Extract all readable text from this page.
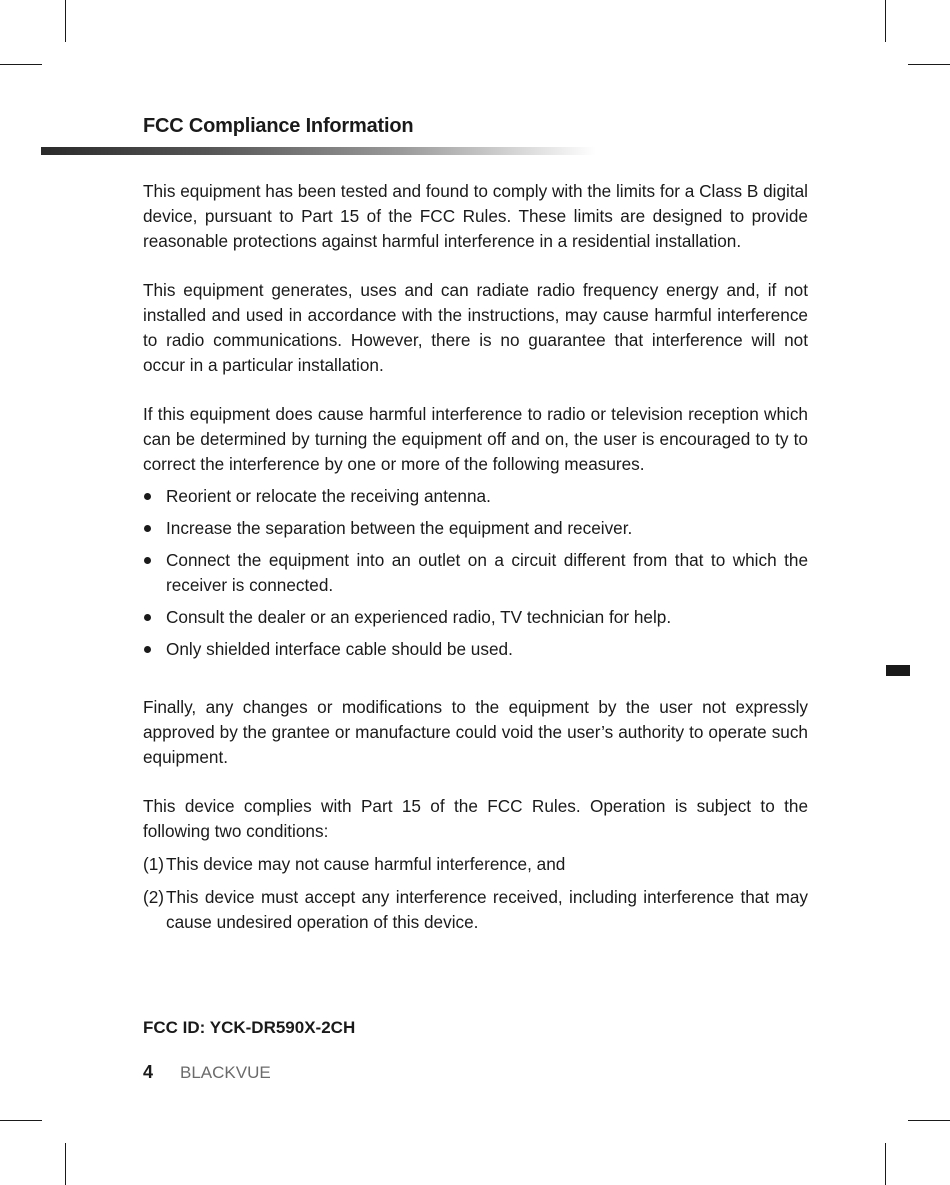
FCC Compliance Information

This equipment has been tested and found to comply with the limits for a Class B digital device, pursuant to Part 15 of the FCC Rules. These limits are designed to provide reasonable protections against harmful interference in a residential installation.

This equipment generates, uses and can radiate radio frequency energy and, if not installed and used in accordance with the instructions, may cause harmful interference to radio communications. However, there is no guarantee that interference will not occur in a particular installation.

If this equipment does cause harmful interference to radio or television reception which can be determined by turning the equipment off and on, the user is encouraged to ty to correct the interference by one or more of the following measures.

Reorient or relocate the receiving antenna.
Increase the separation between the equipment and receiver.
Connect the equipment into an outlet on a circuit different from that to which the receiver is connected.
Consult the dealer or an experienced radio, TV technician for help.
Only shielded interface cable should be used.

Finally, any changes or modifications to the equipment by the user not expressly approved by the grantee or manufacture could void the user’s authority to operate such equipment.

This device complies with Part 15 of the FCC Rules. Operation is subject to the following two conditions:

(1) This device may not cause harmful interference, and
(2) This device must accept any interference received, including interference that may cause undesired operation of this device.
FCC ID: YCK-DR590X-2CH
4 BLACKVUE
